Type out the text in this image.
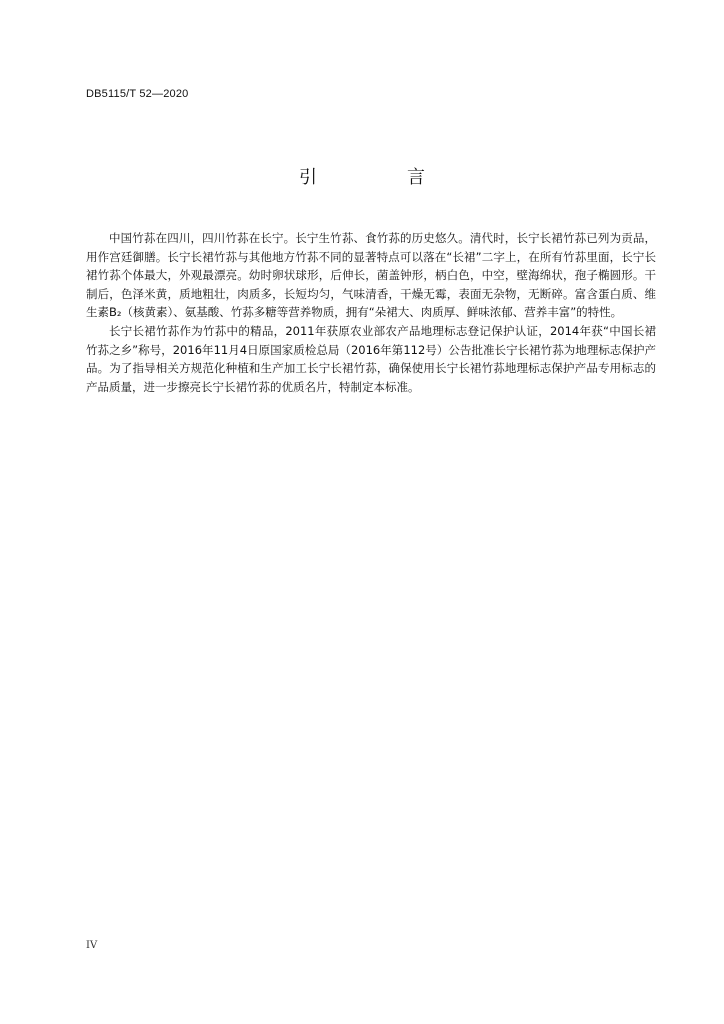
DB5115/T 52—2020
引　言

中国竹荪在四川，四川竹荪在长宁。长宁生竹荪、食竹荪的历史悠久。清代时，长宁长裙竹荪已列为贡品，用作宫廷御膳。长宁长裙竹荪与其他地方竹荪不同的显著特点可以落在“长裙”二字上，在所有竹荪里面，长宁长裙竹荪个体最大，外观最漂亮。幼时卵状球形，后伸长，菌盖钟形，柄白色，中空，壁海绵状，孢子椭圆形。干制后，色泽米黄，质地粗壮，肉质多，长短均匀，气味清香，干燥无霉，表面无杂物，无断碎。富含蛋白质、维生素B₂（核黄素）、氨基酸、竹荪多糖等营养物质，拥有“朵裙大、肉质厚、鲜味浓郁、营养丰富”的特性。

长宁长裙竹荪作为竹荪中的精品，2011年获原农业部农产品地理标志登记保护认证，2014年获“中国长裙竹荪之乡”称号，2016年11月4日原国家质检总局（2016年第112号）公告批准长宁长裙竹荪为地理标志保护产品。为了指导相关方规范化种植和生产加工长宁长裙竹荪，确保使用长宁长裙竹荪地理标志保护产品专用标志的产品质量，进一步擦亮长宁长裙竹荪的优质名片，特制定本标准。

IV
